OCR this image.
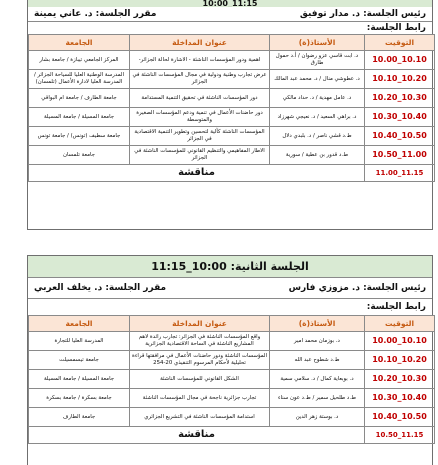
10:00_11:15
رئيس الجلسة: د. مدار توفيق
مقرر الجلسة: د. عاني يمينة
رابط الجلسة:
التوقيت	الأستاذ(ة)	عنوان المداخلة	الجامعة
10.10_10.00	د. ابت قاسي عزو رضوان / أ.د حمول طارق	اهمية ودور المؤسسات الناشئة - الاشارة لحالة الجزائر-	المركز الجامعي تيبازة / جامعة بشار
10.20_10.10	د. عطوشي منال / د. محمد عبد المالك	عرض تجارب وطنية ودولية في مجال المؤسسات الناشئة في الجزائر	المدرسة الوطنية العليا للسياحة الجزائر / المدرسة العليا لادارة الأعمال (تلمسان)
10.30_10.20	د. عامل مهدية / د. حداد مالكي	دور المؤسسات الناشئة في تحقيق التنمية المستدامة	جامعة الطارف / جامعة ام البواقي
10.40_10.30	د. براهي السعيد / د. نعيجي شهرزاد	دور حاضنات الأعمال في تنمية ودعم المؤسسات الصغيرة والمتوسطة	جامعة المسيلة / جامعة المسيلة
10.50_10.40	ط.د قشي ناصر / د. بلبدي دلال	المؤسسات الناشئة كآلية لتحسين وتطوير التنمية الاقتصادية في الجزائر	جامعة سطيف (تونس) / جامعة تونس
11.00_10.50	ط.د قدور بن عطية / سورية	الاطار المفاهيمي والتنظيم القانوني للمؤسسات الناشئة في الجزائر	جامعة تلمسان
11.15_11.00	مناقشة		
الجلسة الثانية: 10:00_11:15
رئيس الجلسة: د. مزوزي فارس
مقرر الجلسة: د. يخلف العربي
رابط الجلسة:
التوقيت	الأستاذ(ة)	عنوان المداخلة	الجامعة
10.10_10.00	د. بوزمان محمد امير	واقع المؤسسات الناشئة في الجزائر: تجارب رائدة لاهم المشاريع الناشئة في الساحة الاقتصادية الجزائرية	المدرسة العليا للتجارة
10.20_10.10	ط.د شطوح عبد الله	المؤسسات الناشئة ودور حاضنات الأعمال في مرافقتها قراءة تحليلية لأحكام المرسوم التنفيذي 20-254	جامعة تيسمسيلت
10.30_10.20	د. بوبعاية كمال / د. سلامي سمية	الشكل القانوني للمؤسسات الناشئة	جامعة المسيلة / جامعة المسيلة
10.40_10.30	ط.د طلحيل سمير / ط.د عون سناء	تجارب جزائرية ناجحة في مجال المؤسسات الناشئة	جامعة بسكرة / جامعة بسكرة
10.50_10.40	د. بوستة زهر الدين	استدامة المؤسسات الناشئة في التشريع الجزائري	جامعة الطارف
11.15_10.50	مناقشة		
